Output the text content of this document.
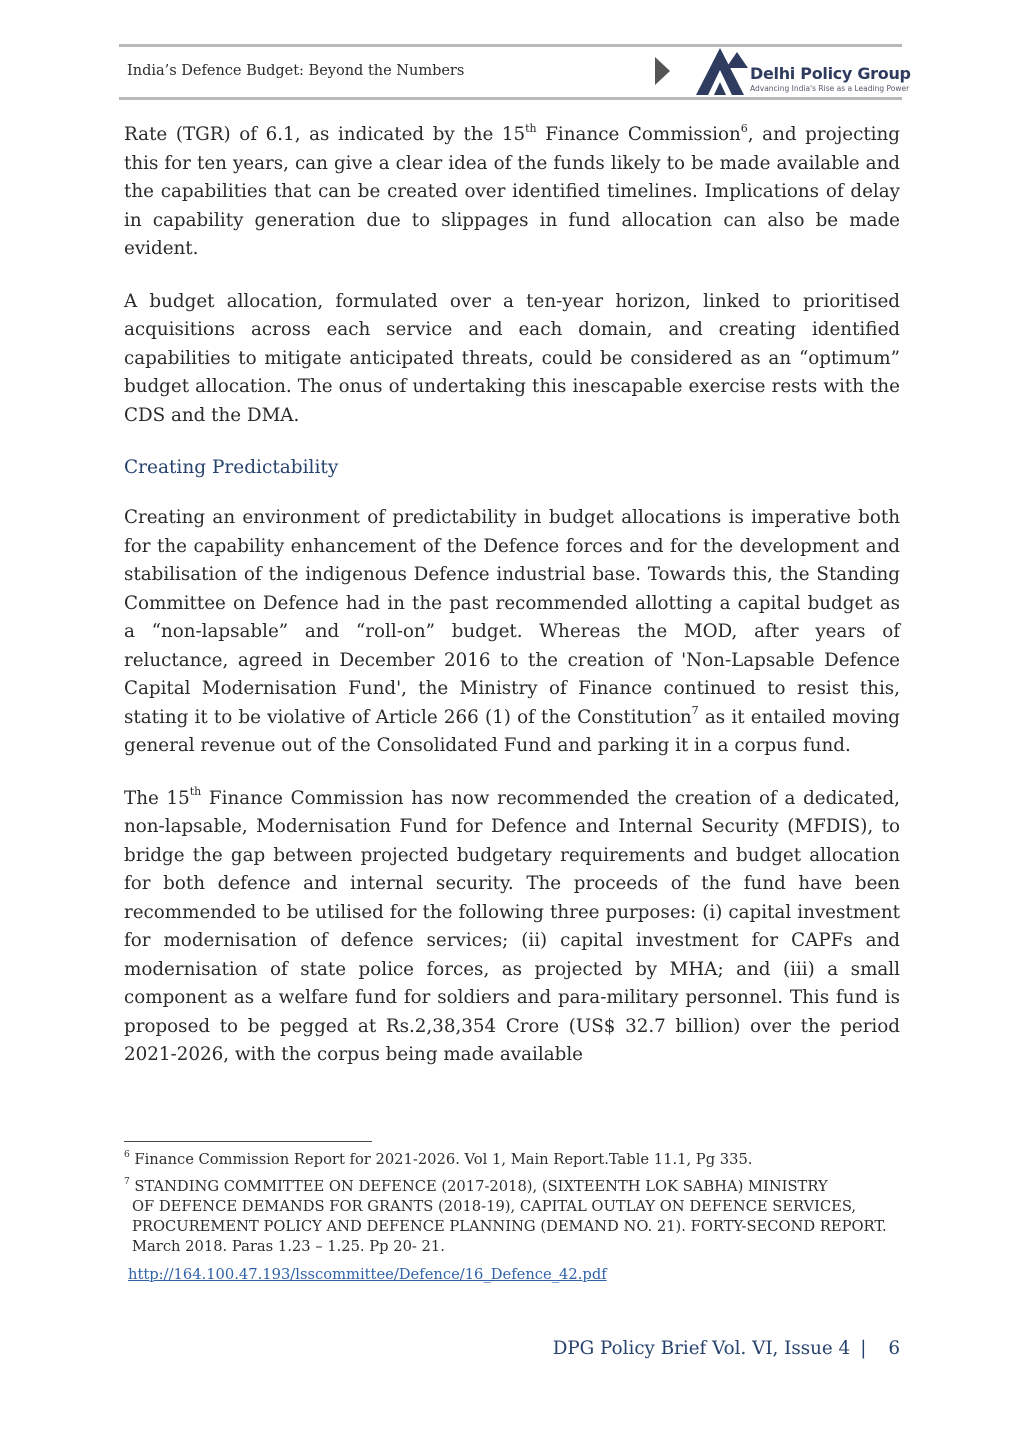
India’s Defence Budget: Beyond the Numbers	Delhi Policy Group
Advancing India's Rise as a Leading Power

Rate (TGR) of 6.1, as indicated by the 15th Finance Commission$^6$, and projecting this for ten years, can give a clear idea of the funds likely to be made available and the capabilities that can be created over identified timelines. Implications of delay in capability generation due to slippages in fund allocation can also be made evident.

A budget allocation, formulated over a ten-year horizon, linked to prioritised acquisitions across each service and each domain, and creating identified capabilities to mitigate anticipated threats, could be considered as an “optimum” budget allocation. The onus of undertaking this inescapable exercise rests with the CDS and the DMA.

Creating Predictability

Creating an environment of predictability in budget allocations is imperative both for the capability enhancement of the Defence forces and for the development and stabilisation of the indigenous Defence industrial base. Towards this, the Standing Committee on Defence had in the past recommended allotting a capital budget as a “non-lapsable” and “roll-on” budget. Whereas the MOD, after years of reluctance, agreed in December 2016 to the creation of 'Non-Lapsable Defence Capital Modernisation Fund', the Ministry of Finance continued to resist this, stating it to be violative of Article 266 (1) of the Constitution$^7$ as it entailed moving general revenue out of the Consolidated Fund and parking it in a corpus fund.

The 15th Finance Commission has now recommended the creation of a dedicated, non-lapsable, Modernisation Fund for Defence and Internal Security (MFDIS), to bridge the gap between projected budgetary requirements and budget allocation for both defence and internal security. The proceeds of the fund have been recommended to be utilised for the following three purposes: (i) capital investment for modernisation of defence services; (ii) capital investment for CAPFs and modernisation of state police forces, as projected by MHA; and (iii) a small component as a welfare fund for soldiers and para-military personnel. This fund is proposed to be pegged at Rs.2,38,354 Crore (US$ 32.7 billion) over the period 2021-2026, with the corpus being made available

$^6$ Finance Commission Report for 2021-2026. Vol 1, Main Report.Table 11.1, Pg 335.

$^7$ STANDING COMMITTEE ON DEFENCE (2017-2018), (SIXTEENTH LOK SABHA) MINISTRY
OF DEFENCE DEMANDS FOR GRANTS (2018-19), CAPITAL OUTLAY ON DEFENCE SERVICES, PROCUREMENT POLICY AND DEFENCE PLANNING (DEMAND NO. 21). FORTY-SECOND REPORT. March 2018. Paras 1.23 – 1.25. Pp 20- 21.

http://164.100.47.193/lsscommittee/Defence/16_Defence_42.pdf
DPG Policy Brief Vol. VI, Issue 4 | 6
